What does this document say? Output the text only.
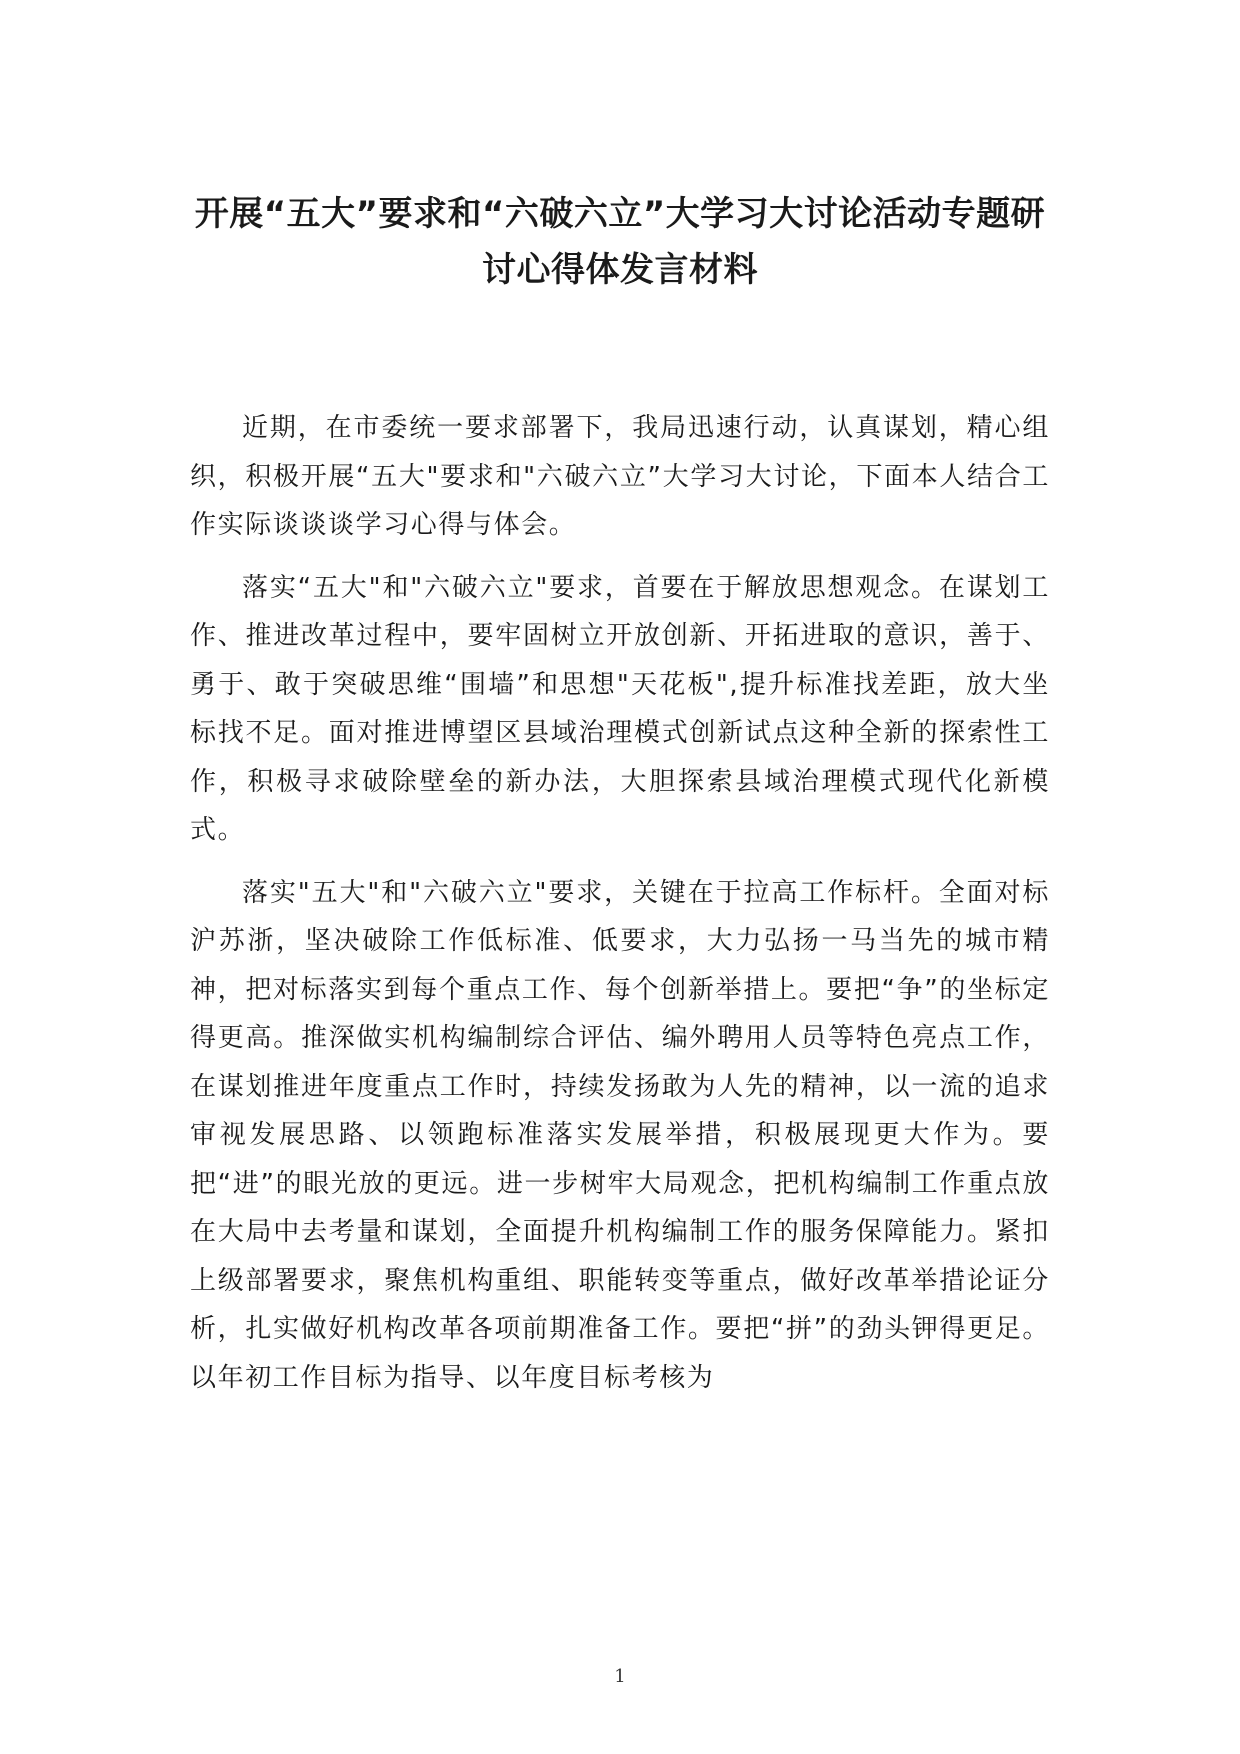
开展“五大”要求和“六破六立”大学习大讨论活动专题研讨心得体发言材料

近期，在市委统一要求部署下，我局迅速行动，认真谋划，精心组织，积极开展“五大"要求和"六破六立”大学习大讨论，下面本人结合工作实际谈谈谈学习心得与体会。

落实“五大"和"六破六立"要求，首要在于解放思想观念。在谋划工作、推进改革过程中，要牢固树立开放创新、开拓进取的意识，善于、勇于、敢于突破思维“围墙”和思想"天花板",提升标准找差距，放大坐标找不足。面对推进博望区县域治理模式创新试点这种全新的探索性工作，积极寻求破除壁垒的新办法，大胆探索县域治理模式现代化新模式。

落实"五大"和"六破六立"要求，关键在于拉高工作标杆。全面对标沪苏浙，坚决破除工作低标准、低要求，大力弘扬一马当先的城市精神，把对标落实到每个重点工作、每个创新举措上。要把“争”的坐标定得更高。推深做实机构编制综合评估、编外聘用人员等特色亮点工作，在谋划推进年度重点工作时，持续发扬敢为人先的精神，以一流的追求审视发展思路、以领跑标准落实发展举措，积极展现更大作为。要把“进”的眼光放的更远。进一步树牢大局观念，把机构编制工作重点放在大局中去考量和谋划，全面提升机构编制工作的服务保障能力。紧扣上级部署要求，聚焦机构重组、职能转变等重点，做好改革举措论证分析，扎实做好机构改革各项前期准备工作。要把“拼”的劲头钾得更足。以年初工作目标为指导、以年度目标考核为

1
